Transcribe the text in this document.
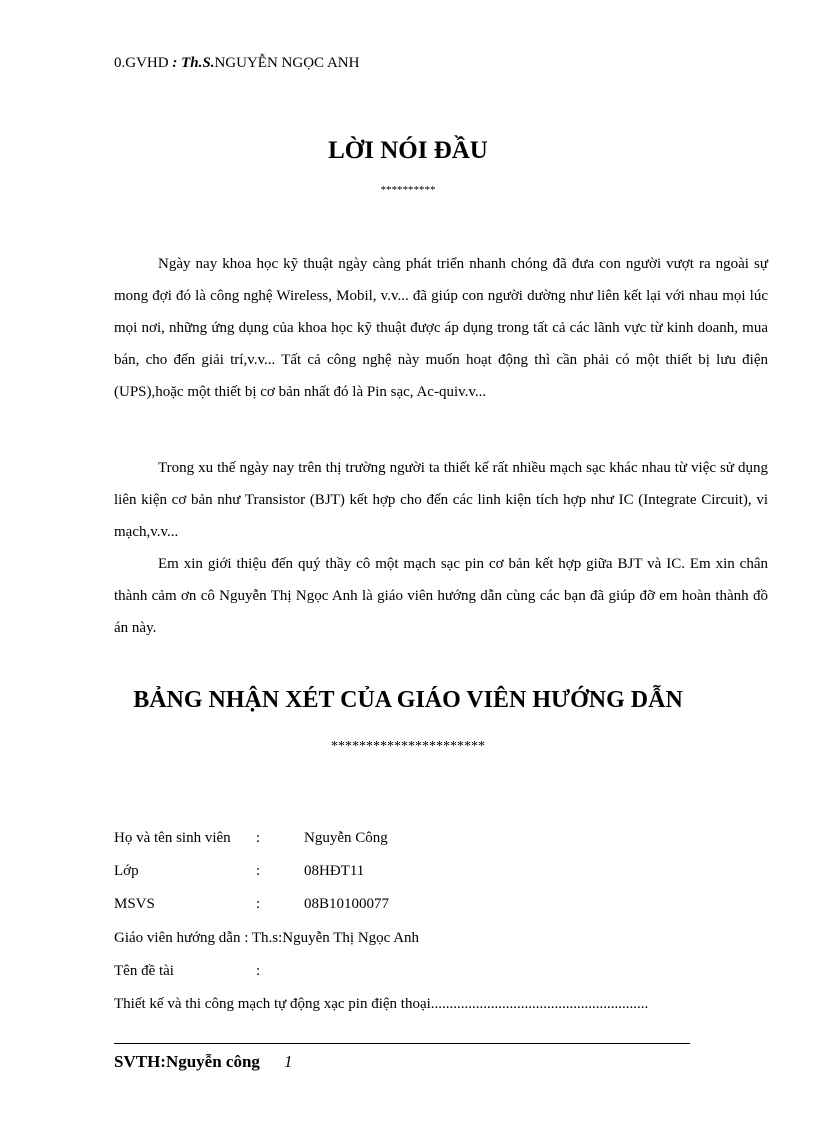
0.GVHD : Th.S.NGUYỄN NGỌC ANH
LỜI NÓI ĐẦU
**********
Ngày nay khoa học kỹ thuật ngày càng phát triển nhanh chóng đã đưa con người vượt ra ngoài sự mong đợi đó là công nghệ Wireless, Mobil, v.v... đã giúp con người dường như liên kết lại với nhau mọi lúc mọi nơi, những ứng dụng của khoa học kỹ thuật được áp dụng trong tất cả các lãnh vực từ kinh doanh, mua bán, cho đến giải trí,v.v... Tất cả công nghệ này muốn hoạt động thì cần phải có một thiết bị lưu điện (UPS),hoặc một thiết bị cơ bản nhất đó là Pin sạc, Ac-quiv.v...
Trong xu thế ngày nay trên thị trường người ta thiết kế rất nhiều mạch sạc khác nhau từ việc sử dụng liên kiện cơ bản như Transistor (BJT) kết hợp cho đến các linh kiện tích hợp như IC (Integrate Circuit), vi mạch,v.v...
Em xin giới thiệu đến quý thầy cô một mạch sạc pin cơ bản kết hợp giữa BJT và IC. Em xin chân thành cảm ơn cô Nguyễn Thị Ngọc Anh là giáo viên hướng dẫn cùng các bạn đã giúp đỡ em hoàn thành đồ án này.
BẢNG NHẬN XÉT CỦA GIÁO VIÊN HƯỚNG DẪN
**********************
Họ và tên sinh viên :	Nguyễn Công
Lớp	:	08HĐT11
MSVS	:	08B10100077
Giáo viên hướng dẫn : Th.s:Nguyễn Thị Ngọc Anh
Tên đề tài	:
Thiết kế và thi công mạch tự động xạc pin điện thoại..........................................................
SVTH:Nguyễn công 1
